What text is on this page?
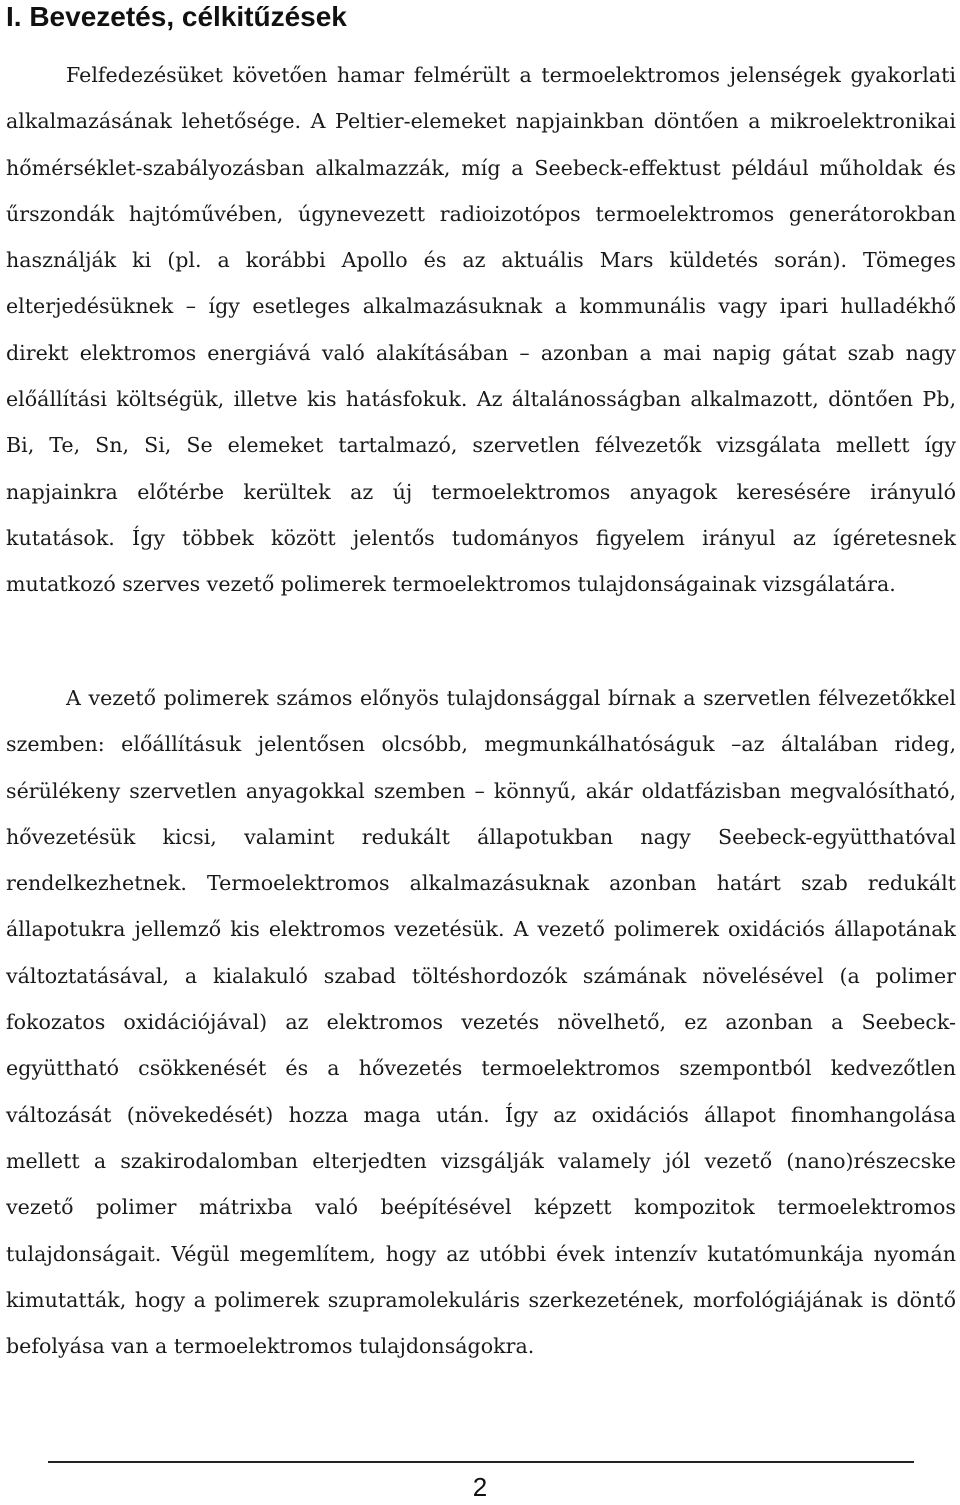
I. Bevezetés, célkitűzések

Felfedezésüket követően hamar felmérült a termoelektromos jelenségek gyakorlati alkalmazásának lehetősége. A Peltier-elemeket napjainkban döntően a mikroelektronikai hőmérséklet-szabályozásban alkalmazzák, míg a Seebeck-effektust például műholdak és űrszondák hajtóművében, úgynevezett radioizotópos termoelektromos generátorokban használják ki (pl. a korábbi Apollo és az aktuális Mars küldetés során). Tömeges elterjedésüknek – így esetleges alkalmazásuknak a kommunális vagy ipari hulladékhő direkt elektromos energiává való alakításában – azonban a mai napig gátat szab nagy előállítási költségük, illetve kis hatásfokuk. Az általánosságban alkalmazott, döntően Pb, Bi, Te, Sn, Si, Se elemeket tartalmazó, szervetlen félvezetők vizsgálata mellett így napjainkra előtérbe kerültek az új termoelektromos anyagok keresésére irányuló kutatások. Így többek között jelentős tudományos figyelem irányul az ígéretesnek mutatkozó szerves vezető polimerek termoelektromos tulajdonságainak vizsgálatára.

A vezető polimerek számos előnyös tulajdonsággal bírnak a szervetlen félvezetőkkel szemben: előállításuk jelentősen olcsóbb, megmunkálhatóságuk –az általában rideg, sérülékeny szervetlen anyagokkal szemben – könnyű, akár oldatfázisban megvalósítható, hővezetésük kicsi, valamint redukált állapotukban nagy Seebeck-együtthatóval rendelkezhetnek. Termoelektromos alkalmazásuknak azonban határt szab redukált állapotukra jellemző kis elektromos vezetésük. A vezető polimerek oxidációs állapotának változtatásával, a kialakuló szabad töltéshordozók számának növelésével (a polimer fokozatos oxidációjával) az elektromos vezetés növelhető, ez azonban a Seebeck-együttható csökkenését és a hővezetés termoelektromos szempontból kedvezőtlen változását (növekedését) hozza maga után. Így az oxidációs állapot finomhangolása mellett a szakirodalomban elterjedten vizsgálják valamely jól vezető (nano)részecske vezető polimer mátrixba való beépítésével képzett kompozitok termoelektromos tulajdonságait. Végül megemlítem, hogy az utóbbi évek intenzív kutatómunkája nyomán kimutatták, hogy a polimerek szupramolekuláris szerkezetének, morfológiájának is döntő befolyása van a termoelektromos tulajdonságokra.

2
